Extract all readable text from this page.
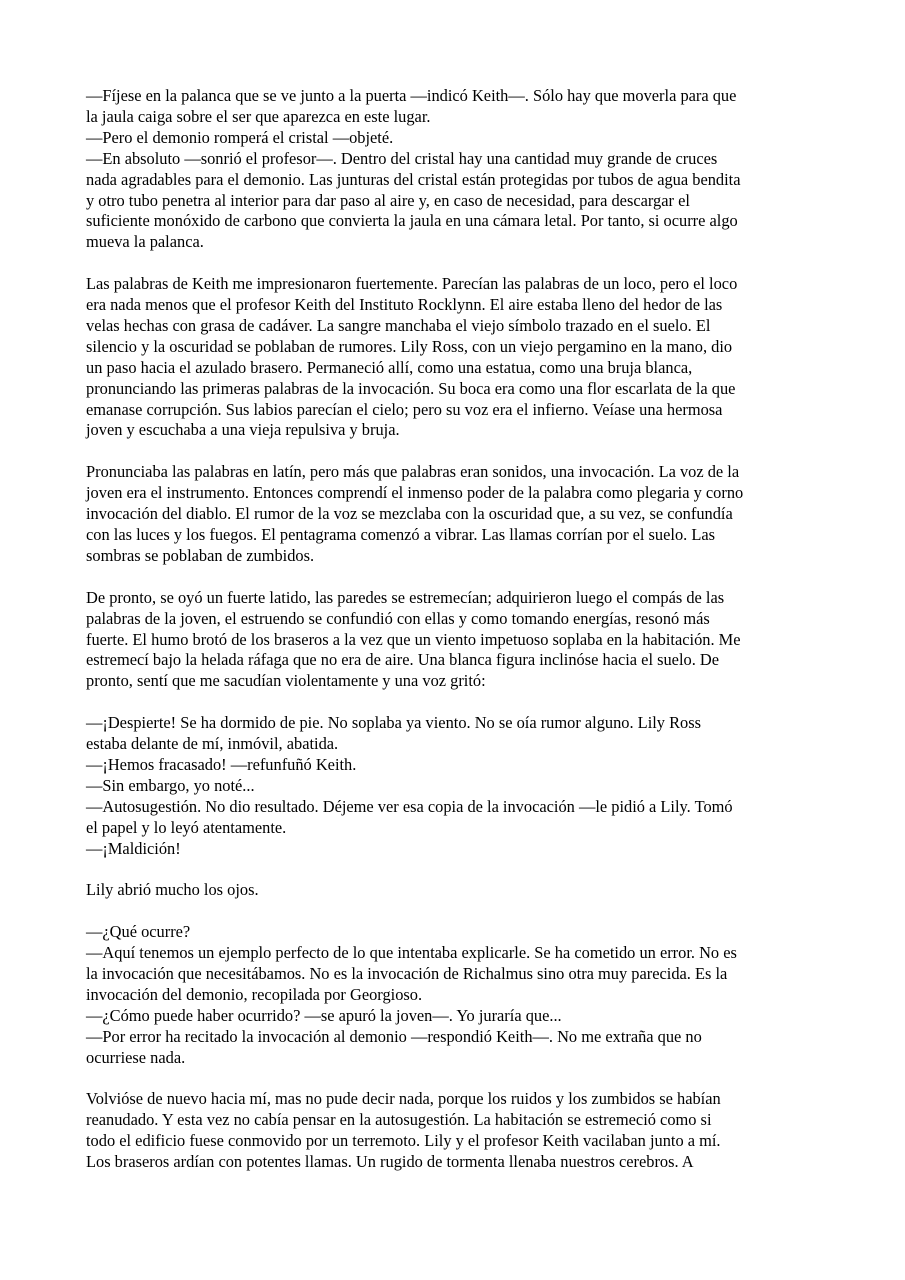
—Fíjese en la palanca que se ve junto a la puerta —indicó Keith—. Sólo hay que moverla para que
la jaula caiga sobre el ser que aparezca en este lugar.
—Pero el demonio romperá el cristal —objeté.
—En absoluto —sonrió el profesor—. Dentro del cristal hay una cantidad muy grande de cruces
nada agradables para el demonio. Las junturas del cristal están protegidas por tubos de agua bendita
y otro tubo penetra al interior para dar paso al aire y, en caso de necesidad, para descargar el
suficiente monóxido de carbono que convierta la jaula en una cámara letal. Por tanto, si ocurre algo
mueva la palanca.
Las palabras de Keith me impresionaron fuertemente. Parecían las palabras de un loco, pero el loco
era nada menos que el profesor Keith del Instituto Rocklynn. El aire estaba lleno del hedor de las
velas hechas con grasa de cadáver. La sangre manchaba el viejo símbolo trazado en el suelo. El
silencio y la oscuridad se poblaban de rumores. Lily Ross, con un viejo pergamino en la mano, dio
un paso hacia el azulado brasero. Permaneció allí, como una estatua, como una bruja blanca,
pronunciando las primeras palabras de la invocación. Su boca era como una flor escarlata de la que
emanase corrupción. Sus labios parecían el cielo; pero su voz era el infierno. Veíase una hermosa
joven y escuchaba a una vieja repulsiva y bruja.
Pronunciaba las palabras en latín, pero más que palabras eran sonidos, una invocación. La voz de la
joven era el instrumento. Entonces comprendí el inmenso poder de la palabra como plegaria y corno
invocación del diablo. El rumor de la voz se mezclaba con la oscuridad que, a su vez, se confundía
con las luces y los fuegos. El pentagrama comenzó a vibrar. Las llamas corrían por el suelo. Las
sombras se poblaban de zumbidos.
De pronto, se oyó un fuerte latido, las paredes se estremecían; adquirieron luego el compás de las
palabras de la joven, el estruendo se confundió con ellas y como tomando energías, resonó más
fuerte. El humo brotó de los braseros a la vez que un viento impetuoso soplaba en la habitación. Me
estremecí bajo la helada ráfaga que no era de aire. Una blanca figura inclinóse hacia el suelo. De
pronto, sentí que me sacudían violentamente y una voz gritó:
—¡Despierte! Se ha dormido de pie. No soplaba ya viento. No se oía rumor alguno. Lily Ross
estaba delante de mí, inmóvil, abatida.
—¡Hemos fracasado! —refunfuñó Keith.
—Sin embargo, yo noté...
—Autosugestión. No dio resultado. Déjeme ver esa copia de la invocación —le pidió a Lily. Tomó
el papel y lo leyó atentamente.
—¡Maldición!
Lily abrió mucho los ojos.
—¿Qué ocurre?
—Aquí tenemos un ejemplo perfecto de lo que intentaba explicarle. Se ha cometido un error. No es
la invocación que necesitábamos. No es la invocación de Richalmus sino otra muy parecida. Es la
invocación del demonio, recopilada por Georgioso.
—¿Cómo puede haber ocurrido? —se apuró la joven—. Yo juraría que...
—Por error ha recitado la invocación al demonio —respondió Keith—. No me extraña que no
ocurriese nada.
Volvióse de nuevo hacia mí, mas no pude decir nada, porque los ruidos y los zumbidos se habían
reanudado. Y esta vez no cabía pensar en la autosugestión. La habitación se estremeció como si
todo el edificio fuese conmovido por un terremoto. Lily y el profesor Keith vacilaban junto a mí.
Los braseros ardían con potentes llamas. Un rugido de tormenta llenaba nuestros cerebros. A
